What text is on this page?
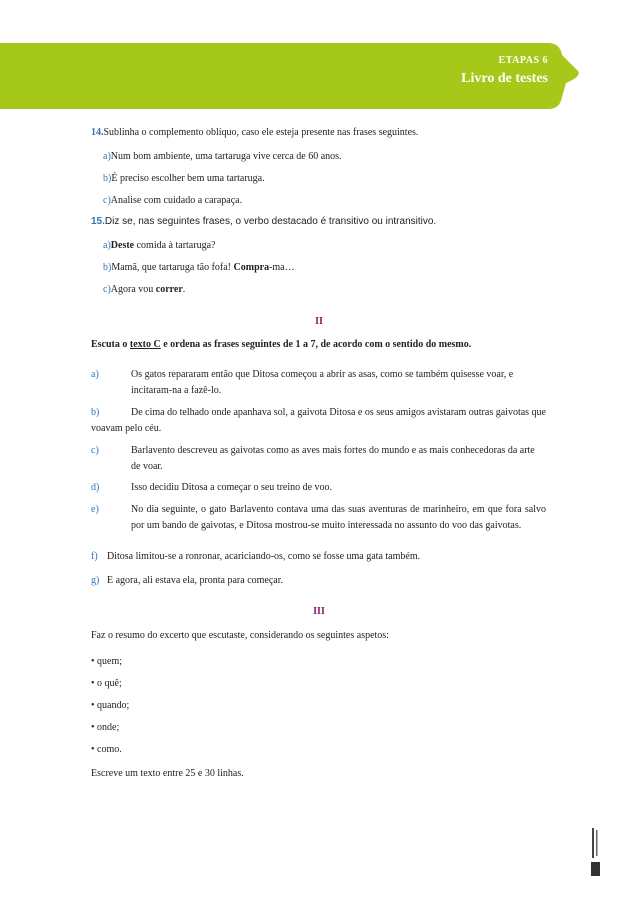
ETAPAS 6
Livro de testes
14.Sublinha o complemento oblíquo, caso ele esteja presente nas frases seguintes.
a)Num bom ambiente, uma tartaruga vive cerca de 60 anos.
b)É preciso escolher bem uma tartaruga.
c)Analise com cuidado a carapaça.
15.Diz se, nas seguintes frases, o verbo destacado é transitivo ou intransitivo.
a)Deste comida à tartaruga?
b)Mamã, que tartaruga tão fofa! Compra-ma…
c)Agora vou correr.
II
Escuta o texto C e ordena as frases seguintes de 1 a 7, de acordo com o sentido do mesmo.
a)	Os gatos repararam então que Ditosa começou a abrir as asas, como se também quisesse voar, e incitaram-na a fazê-lo.
b)	De cima do telhado onde apanhava sol, a gaivota Ditosa e os seus amigos avistaram outras gaivotas que voavam pelo céu.
c)	Barlavento descreveu as gaivotas como as aves mais fortes do mundo e as mais conhecedoras da arte de voar.
d)	Isso decidiu Ditosa a começar o seu treino de voo.
e)	No dia seguinte, o gato Barlavento contava uma das suas aventuras de marinheiro, em que fora salvo por um bando de gaivotas, e Ditosa mostrou-se muito interessada no assunto do voo das gaivotas.
f) Ditosa limitou-se a ronronar, acariciando-os, como se fosse uma gata também.
g) E agora, ali estava ela, pronta para começar.
III
Faz o resumo do excerto que escutaste, considerando os seguintes aspetos:
• quem;
• o quê;
• quando;
• onde;
• como.
Escreve um texto entre 25 e 30 linhas.
